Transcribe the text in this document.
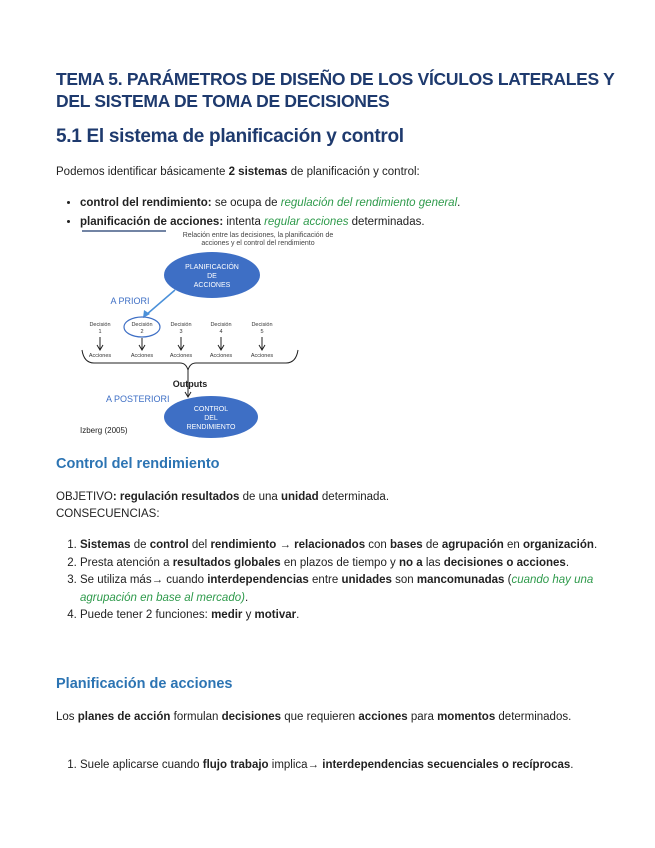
TEMA 5. PARÁMETROS DE DISEÑO DE LOS VÍCULOS LATERALES Y DEL SISTEMA DE TOMA DE DECISIONES
5.1 El sistema de planificación y control
Podemos identificar básicamente 2 sistemas de planificación y control:
• control del rendimiento: se ocupa de regulación del rendimiento general.
• planificación de acciones: intenta regular acciones determinadas.
Relación entre las decisiones, la planificación de
acciones y el control del rendimiento
PLANIFICACIÓN
DE
ACCIONES
A PRIORI
Decisión
1
Decisión
2
Decisión
3
Decisión
4
Decisión
5
Acciones	Acciones	Acciones	Acciones	Acciones
Outputs
A POSTERIORI
CONTROL
DEL
RENDIMIENTO
Izberg (2005)
Control del rendimiento
OBJETIVO: regulación resultados de una unidad determinada.
CONSECUENCIAS:
1. Sistemas de control del rendimiento → relacionados con bases de agrupación en organización.
2. Presta atención a resultados globales en plazos de tiempo y no a las decisiones o acciones.
3. Se utiliza más→ cuando interdependencias entre unidades son mancomunadas (cuando hay una agrupación en base al mercado).
4. Puede tener 2 funciones: medir y motivar.
Planificación de acciones
Los planes de acción formulan decisiones que requieren acciones para momentos determinados.
1. Suele aplicarse cuando flujo trabajo implica→ interdependencias secuenciales o recíprocas.
